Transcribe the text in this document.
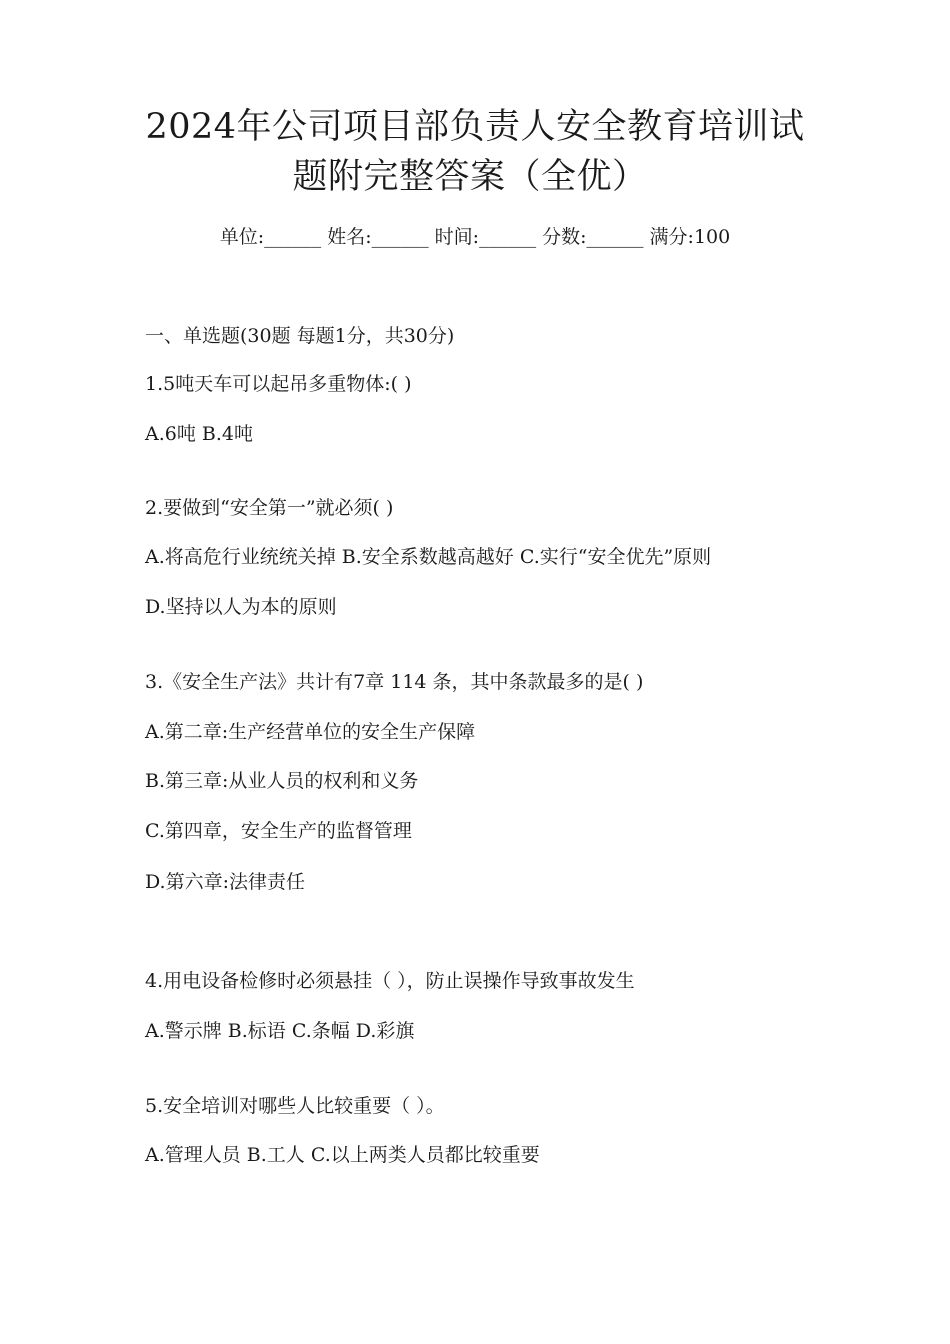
2024年公司项目部负责人安全教育培训试
题附完整答案（全优）
单位:______ 姓名:______ 时间:______ 分数:______ 满分:100
一、单选题(30题 每题1分，共30分)
1.5吨天车可以起吊多重物体:( )
A.6吨 B.4吨
2.要做到“安全第一”就必须( )
A.将高危行业统统关掉 B.安全系数越高越好 C.实行“安全优先”原则
D.坚持以人为本的原则
3.《安全生产法》共计有7章 114 条，其中条款最多的是( )
A.第二章:生产经营单位的安全生产保障
B.第三章:从业人员的权利和义务
C.第四章，安全生产的监督管理
D.第六章:法律责任
4.用电设备检修时必须悬挂（ ），防止误操作导致事故发生
A.警示牌 B.标语 C.条幅 D.彩旗
5.安全培训对哪些人比较重要（ ）。
A.管理人员 B.工人 C.以上两类人员都比较重要
